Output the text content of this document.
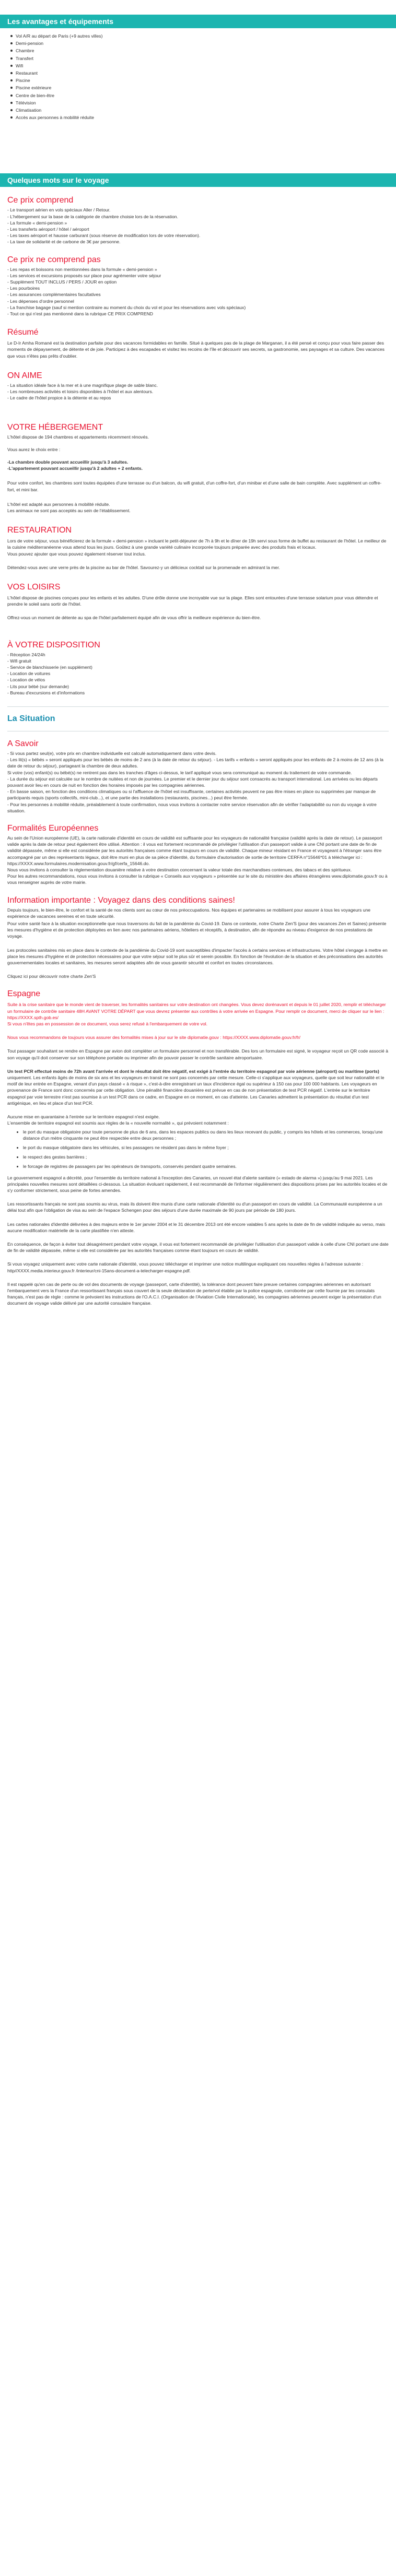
Les avantages et équipements
Vol A/R au départ de Paris (+9 autres villes)
Demi-pension
Chambre
Transfert
Wifi
Restaurant
Piscine
Piscine extérieure
Centre de bien-être
Télévision
Climatisation
Accès aux personnes à mobilité réduite
Quelques mots sur le voyage
Ce prix comprend

- Le transport aérien en vols spéciaux Aller / Retour.

- L'hébergement sur la base de la catégorie de chambre choisie lors de la réservation.

- La formule « demi-pension »

- Les transferts aéroport / hôtel / aéroport

- Les taxes aéroport et hausse carburant (sous réserve de modification lors de votre réservation).

- La taxe de solidarité et de carbone de 3€ par personne.

Ce prix ne comprend pas

- Les repas et boissons non mentionnées dans la formule « demi-pension »

- Les services et excursions proposés sur place pour agrémenter votre séjour

- Supplément TOUT INCLUS / PERS / JOUR en option

- Les pourboires

- Les assurances complémentaires facultatives

- Les dépenses d'ordre personnel

- La franchise bagage (sauf si mention contraire au moment du choix du vol et pour les réservations avec vols spéciaux)

- Tout ce qui n'est pas mentionné dans la rubrique CE PRIX COMPREND

Résumé

Le D-Ir Amha Romané est la destination parfaite pour des vacances formidables en famille. Situé à quelques pas de la plage de Marganan, il a été pensé et conçu pour vous faire passer des moments de dépaysement, de détente et de joie. Participez à des escapades et visitez les recoins de l'île et découvrir ses secrets, sa gastronomie, ses paysages et sa culture. Des vacances que vous n'êtes pas prêts d'oublier.

ON AIME

- La situation idéale face à la mer et à une magnifique plage de sable blanc.

- Les nombreuses activités et loisirs disponibles à l'hôtel et aux alentours.

- Le cadre de l'hôtel propice à la détente et au repos

VOTRE HÉBERGEMENT

L'hôtel dispose de 194 chambres et appartements récemment rénovés.

Vous aurez le choix entre :

-La chambre double pouvant accueillir jusqu'à 3 adultes.

-L'appartement pouvant accueillir jusqu'à 2 adultes + 2 enfants.

Pour votre confort, les chambres sont toutes équipées d'une terrasse ou d'un balcon, du wifi gratuit, d'un coffre-fort, d'un minibar et d'une salle de bain complète. Avec supplément un coffre-fort, et mini bar.

L'hôtel est adapté aux personnes à mobilité réduite.

Les animaux ne sont pas acceptés au sein de l'établissement.

RESTAURATION

Lors de votre séjour, vous bénéficierez de la formule « demi-pension » incluant le petit-déjeuner de 7h à 9h et le dîner de 19h servi sous forme de buffet au restaurant de l'hôtel. Le meilleur de la cuisine méditerranéenne vous attend tous les jours. Goûtez à une grande variété culinaire incorporée toujours préparée avec des produits frais et locaux.

Vous pouvez ajouter que vous pouvez également réserver tout inclus.

Détendez-vous avec une verre près de la piscine au bar de l'hôtel. Savourez-y un délicieux cocktail sur la promenade en admirant la mer.

VOS LOISIRS

L'hôtel dispose de piscines conçues pour les enfants et les adultes. D'une drôle donne une incroyable vue sur la plage. Elles sont entourées d'une terrasse solarium pour vous détendre et prendre le soleil sans sortir de l'hôtel.

Offrez-vous un moment de détente au spa de l'hôtel parfaitement équipé afin de vous offrir la meilleure expérience du bien-être.

À VOTRE DISPOSITION

- Réception 24/24h

- Wifi gratuit

- Service de blanchisserie (en supplément)

- Location de voitures

- Location de vélos

- Lits pour bébé (sur demande)

- Bureau d'excursions et d'informations

La Situation
A Savoir

- Si vous partez seul(e), votre prix en chambre individuelle est calculé automatiquement dans votre devis.

- Les lit(s) « bébés » seront appliqués pour les bébés de moins de 2 ans (à la date de retour du séjour). - Les tarifs « enfants » seront appliqués pour les enfants de 2 à moins de 12 ans (à la date de retour du séjour), partageant la chambre de deux adultes.

Si votre (vos) enfant(s) ou bébé(s) ne rentrent pas dans les tranches d'âges ci-dessus, le tarif appliqué vous sera communiqué au moment du traitement de votre commande.

- La durée du séjour est calculée sur le nombre de nuitées et non de journées. Le premier et le dernier jour du séjour sont consacrés au transport international. Les arrivées ou les départs pouvant avoir lieu en cours de nuit en fonction des horaires imposés par les compagnies aériennes.

- En basse saison, en fonction des conditions climatiques ou si l'affluence de l'hôtel est insuffisante, certaines activités peuvent ne pas être mises en place ou supprimées par manque de participants requis (sports collectifs, mini-club...), et une partie des installations (restaurants, piscines...) peut être fermée.

- Pour les personnes à mobilité réduite, préalablement à toute confirmation, nous vous invitons à contacter notre service réservation afin de vérifier l'adaptabilité ou non du voyage à votre situation.

Formalités Européennes

Au sein de l'Union européenne (UE), la carte nationale d'identité en cours de validité est suffisante pour les voyageurs de nationalité française (validité après la date de retour). Le passeport valide après la date de retour peut également être utilisé. Attention : il vous est fortement recommandé de privilégier l'utilisation d'un passeport valide à une CNI portant une date de fin de validité dépassée, même si elle est considérée par les autorités françaises comme étant toujours en cours de validité. Chaque mineur résidant en France et voyageant à l'étranger sans être accompagné par un des représentants légaux, doit être muni en plus de sa pièce d'identité, du formulaire d'autorisation de sortie de territoire CERFA n°15646*01 à télécharger ici : https://XXXX.www.formulaires.modernisation.gouv.fr/gf/cerfa_15646.do.

Nous vous invitons à consulter la réglementation douanière relative à votre destination concernant la valeur totale des marchandises contenues, des tabacs et des spiritueux.

Pour les autres recommandations, nous vous invitons à consulter la rubrique « Conseils aux voyageurs » présentée sur le site du ministère des affaires étrangères www.diplomatie.gouv.fr ou à vous renseigner auprès de votre mairie.

Information importante : Voyagez dans des conditions saines!

Depuis toujours, le bien-être, le confort et la santé de nos clients sont au cœur de nos préoccupations. Nos équipes et partenaires se mobilisent pour assurer à tous les voyageurs une expérience de vacances sereines et en toute sécurité.

Pour votre santé face à la situation exceptionnelle que nous traversons du fait de la pandémie du Covid-19. Dans ce contexte, notre Charte Zen'S (pour des vacances Zen et Saines) présente les mesures d'hygiène et de protection déployées en lien avec nos partenaires aériens, hôteliers et réceptifs, à destination, afin de répondre au niveau d'exigence de nos prestations de voyage.

Les protocoles sanitaires mis en place dans le contexte de la pandémie du Covid-19 sont susceptibles d'impacter l'accès à certains services et infrastructures. Votre hôtel s'engage à mettre en place les mesures d'hygiène et de protection nécessaires pour que votre séjour soit le plus sûr et serein possible. En fonction de l'évolution de la situation et des préconisations des autorités gouvernementales locales et sanitaires, les mesures seront adaptées afin de vous garantir sécurité et confort en toutes circonstances.

Cliquez ici pour découvrir notre charte Zen'S

Espagne

Suite à la crise sanitaire que le monde vient de traverser, les formalités sanitaires sur votre destination ont changées. Vous devez dorénavant et depuis le 01 juillet 2020, remplir et télécharger un formulaire de contrôle sanitaire 48H AVANT VOTRE DÉPART que vous devrez présenter aux contrôles à votre arrivée en Espagne. Pour remplir ce document, merci de cliquer sur le lien : https://XXXX.spth.gob.es/

Si vous n'êtes pas en possession de ce document, vous serez refusé à l'embarquement de votre vol.

Nous vous recommandons de toujours vous assurer des formalités mises à jour sur le site diplomatie.gouv : https://XXXX.www.diplomatie.gouv.fr/fr/

Tout passager souhaitant se rendre en Espagne par avion doit compléter un formulaire personnel et non transférable. Des lors un formulaire est signé, le voyageur reçoit un QR code associé à son voyage qu'il doit conserver sur son téléphone portable ou imprimer afin de pouvoir passer le contrôle sanitaire aéroportuaire.

Un test PCR effectué moins de 72h avant l'arrivée et dont le résultat doit être négatif, est exigé à l'entrée du territoire espagnol par voie aérienne (aéroport) ou maritime (ports) uniquement. Les enfants âgés de moins de six ans et les voyageurs en transit ne sont pas concernés par cette mesure. Celle-ci s'applique aux voyageurs, quelle que soit leur nationalité et le motif de leur entrée en Espagne, venant d'un pays classé « à risque », c'est-à-dire enregistrant un taux d'incidence égal ou supérieur à 150 cas pour 100 000 habitants. Les voyageurs en provenance de France sont donc concernés par cette obligation. Une pénalité financière douanière est prévue en cas de non présentation de test PCR négatif. L'entrée sur le territoire espagnol par voie terrestre n'est pas soumise à un test PCR dans ce cadre, en Espagne en ce moment, en cas d'atteinte. Les Canaries admettent la présentation du résultat d'un test antigénique, en lieu et place d'un test PCR.

Aucune mise en quarantaine à l'entrée sur le territoire espagnol n'est exigée.

L'ensemble de territoire espagnol est soumis aux règles de la « nouvelle normalité », qui prévoient notamment :

• le port du masque obligatoire pour toute personne de plus de 6 ans, dans les espaces publics ou dans les lieux recevant du public, y compris les hôtels et les commerces, lorsqu'une distance d'un mètre cinquante ne peut être respectée entre deux personnes ;
• le port du masque obligatoire dans les véhicules, si les passagers ne résident pas dans le même foyer ;
• le respect des gestes barrières ;
• le forcage de registres de passagers par les opérateurs de transports, conservés pendant quatre semaines.

Le gouvernement espagnol a décrété, pour l'ensemble du territoire national à l'exception des Canaries, un nouvel état d'alerte sanitaire (« estado de alarma ») jusqu'au 9 mai 2021. Les principales nouvelles mesures sont détaillées ci-dessous. La situation évoluant rapidement, il est recommandé de l'informer régulièrement des dispositions prises par les autorités locales et de s'y conformer strictement, sous peine de fortes amendes.

Les ressortissants français ne sont pas soumis au virus, mais ils doivent être munis d'une carte nationale d'identité ou d'un passeport en cours de validité. La Communauté européenne a un délai tout afin que l'obligation de visa au sein de l'espace Schengen pour des séjours d'une durée maximale de 90 jours par période de 180 jours.

Les cartes nationales d'identité délivrées à des majeurs entre le 1er janvier 2004 et le 31 décembre 2013 ont été encore valables 5 ans après la date de fin de validité indiquée au verso, mais aucune modification matérielle de la carte plastifiée n'en atteste.

En conséquence, de façon à éviter tout désagrément pendant votre voyage, il vous est fortement recommandé de privilégier l'utilisation d'un passeport valide à celle d'une CNI portant une date de fin de validité dépassée, même si elle est considérée par les autorités françaises comme étant toujours en cours de validité.

Si vous voyagez uniquement avec votre carte nationale d'identité, vous pouvez télécharger et imprimer une notice multilingue expliquant ces nouvelles règles à l'adresse suivante : http//XXXX.media.interieur.gouv.fr /interieur/cni-15ans-document-a-telecharger-espagne.pdf.

Il est rappelé qu'en cas de perte ou de vol des documents de voyage (passeport, carte d'identité), la tolérance dont peuvent faire preuve certaines compagnies aériennes en autorisant l'embarquement vers la France d'un ressortissant français sous couvert de la seule déclaration de perte/vol établie par la police espagnole, corroborée par cette fournie par les consulats français, n'est pas de règle : comme le prévoient les instructions de l'O.A.C.I. (Organisation de l'Aviation Civile Internationale), les compagnies aériennes peuvent exiger la présentation d'un document de voyage valide délivré par une autorité consulaire française.
